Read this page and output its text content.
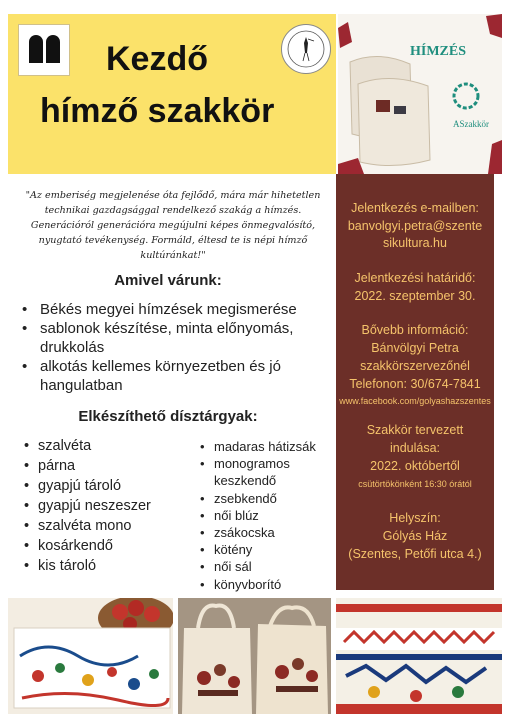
Kezdő
hímző szakkör
HÍMZÉS
ASzakkör
"Az emberiség megjelenése óta fejlődő, mára már hihetetlen technikai gazdagsággal rendelkező szakág a hímzés. Generációról generációra megújulni képes önmegvalósító, nyugtató tevékenység. Formáld, éltesd te is népi hímző kultúránkat!"
Amivel várunk:
• Békés megyei hímzések megismerése
• sablonok készítése, minta előnyomás, drukkolás
• alkotás kellemes környezetben és jó hangulatban
Elkészíthető dísztárgyak:
• szalvéta
• párna
• gyapjú tároló
• gyapjú neszeszer
• szalvéta mono
• kosárkendő
• kis tároló
• madaras hátizsák
• monogramos
keszkendő
• zsebkendő
• női blúz
• zsákocska
• kötény
• női sál
• könyvborító
Jelentkezés e-mailben:
banvolgyi.petra@szente
sikultura.hu
Jelentkezési határidő:
2022. szeptember 30.
Bővebb információ:
Bánvölgyi Petra
szakkörszervezőnél
Telefonon: 30/674-7841
www.facebook.com/golyashazszentes
Szakkör tervezett
indulása:
2022. októbertől
csütörtökönként 16:30 órától
Helyszín:
Gólyás Ház
(Szentes, Petőfi utca 4.)
